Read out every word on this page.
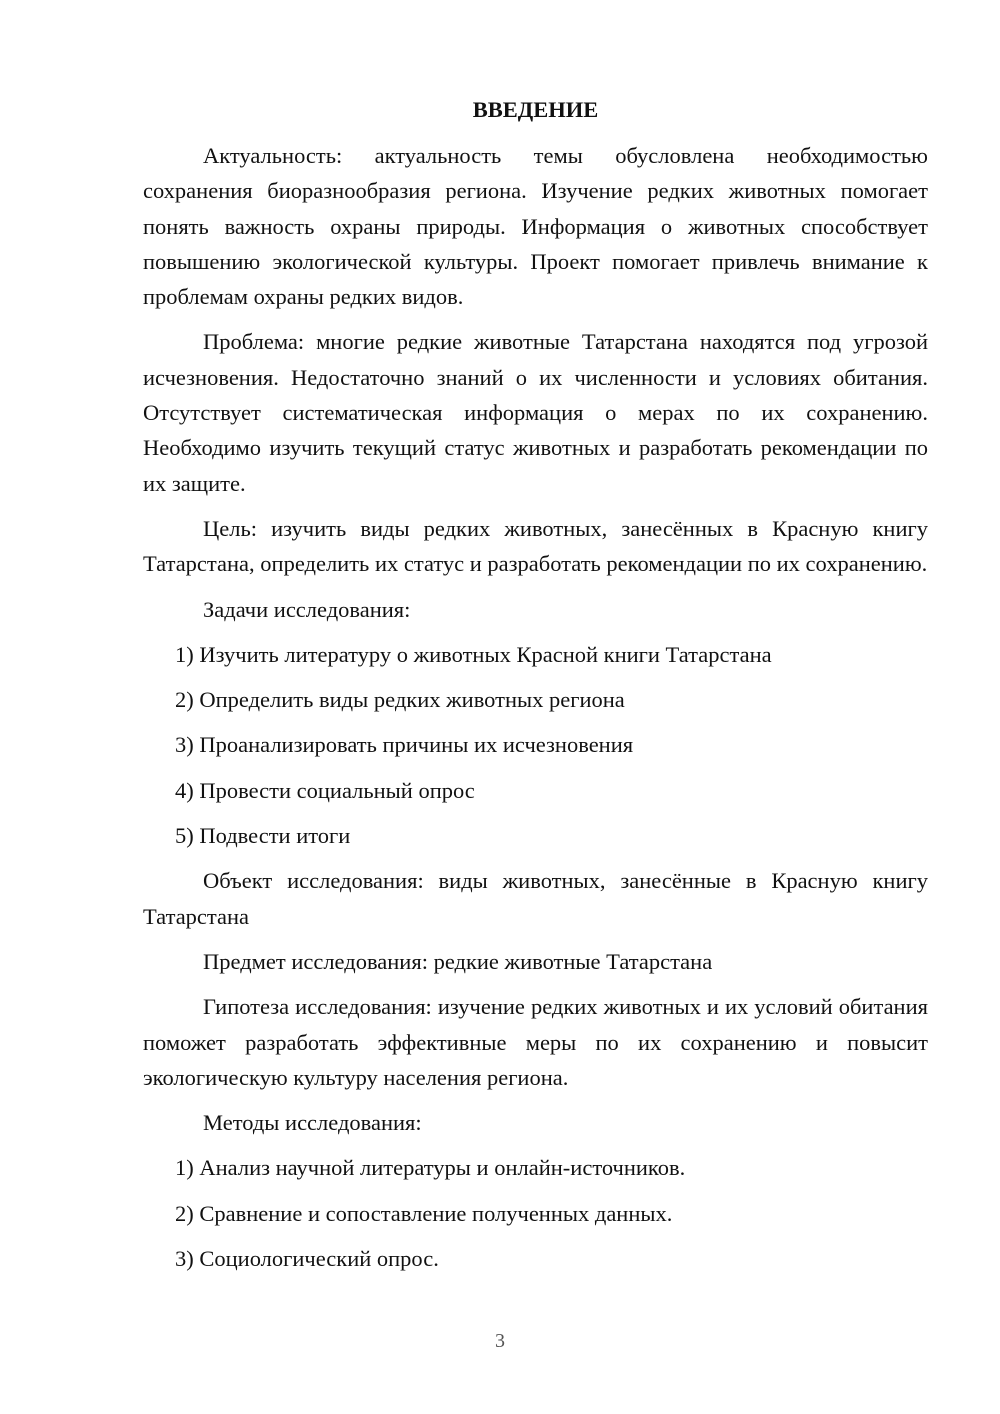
ВВЕДЕНИЕ

Актуальность: актуальность темы обусловлена необходимостью сохранения биоразнообразия региона. Изучение редких животных помогает понять важность охраны природы. Информация о животных способствует повышению экологической культуры. Проект помогает привлечь внимание к проблемам охраны редких видов.

Проблема: многие редкие животные Татарстана находятся под угрозой исчезновения. Недостаточно знаний о их численности и условиях обитания. Отсутствует систематическая информация о мерах по их сохранению. Необходимо изучить текущий статус животных и разработать рекомендации по их защите.

Цель: изучить виды редких животных, занесённых в Красную книгу Татарстана, определить их статус и разработать рекомендации по их сохранению.

Задачи исследования:

1) Изучить литературу о животных Красной книги Татарстана
2) Определить виды редких животных региона
3) Проанализировать причины их исчезновения
4) Провести социальный опрос
5) Подвести итоги

Объект исследования: виды животных, занесённые в Красную книгу Татарстана

Предмет исследования: редкие животные Татарстана

Гипотеза исследования: изучение редких животных и их условий обитания поможет разработать эффективные меры по их сохранению и повысит экологическую культуру населения региона.

Методы исследования:

1) Анализ научной литературы и онлайн-источников.
2) Сравнение и сопоставление полученных данных.
3) Социологический опрос.
3
